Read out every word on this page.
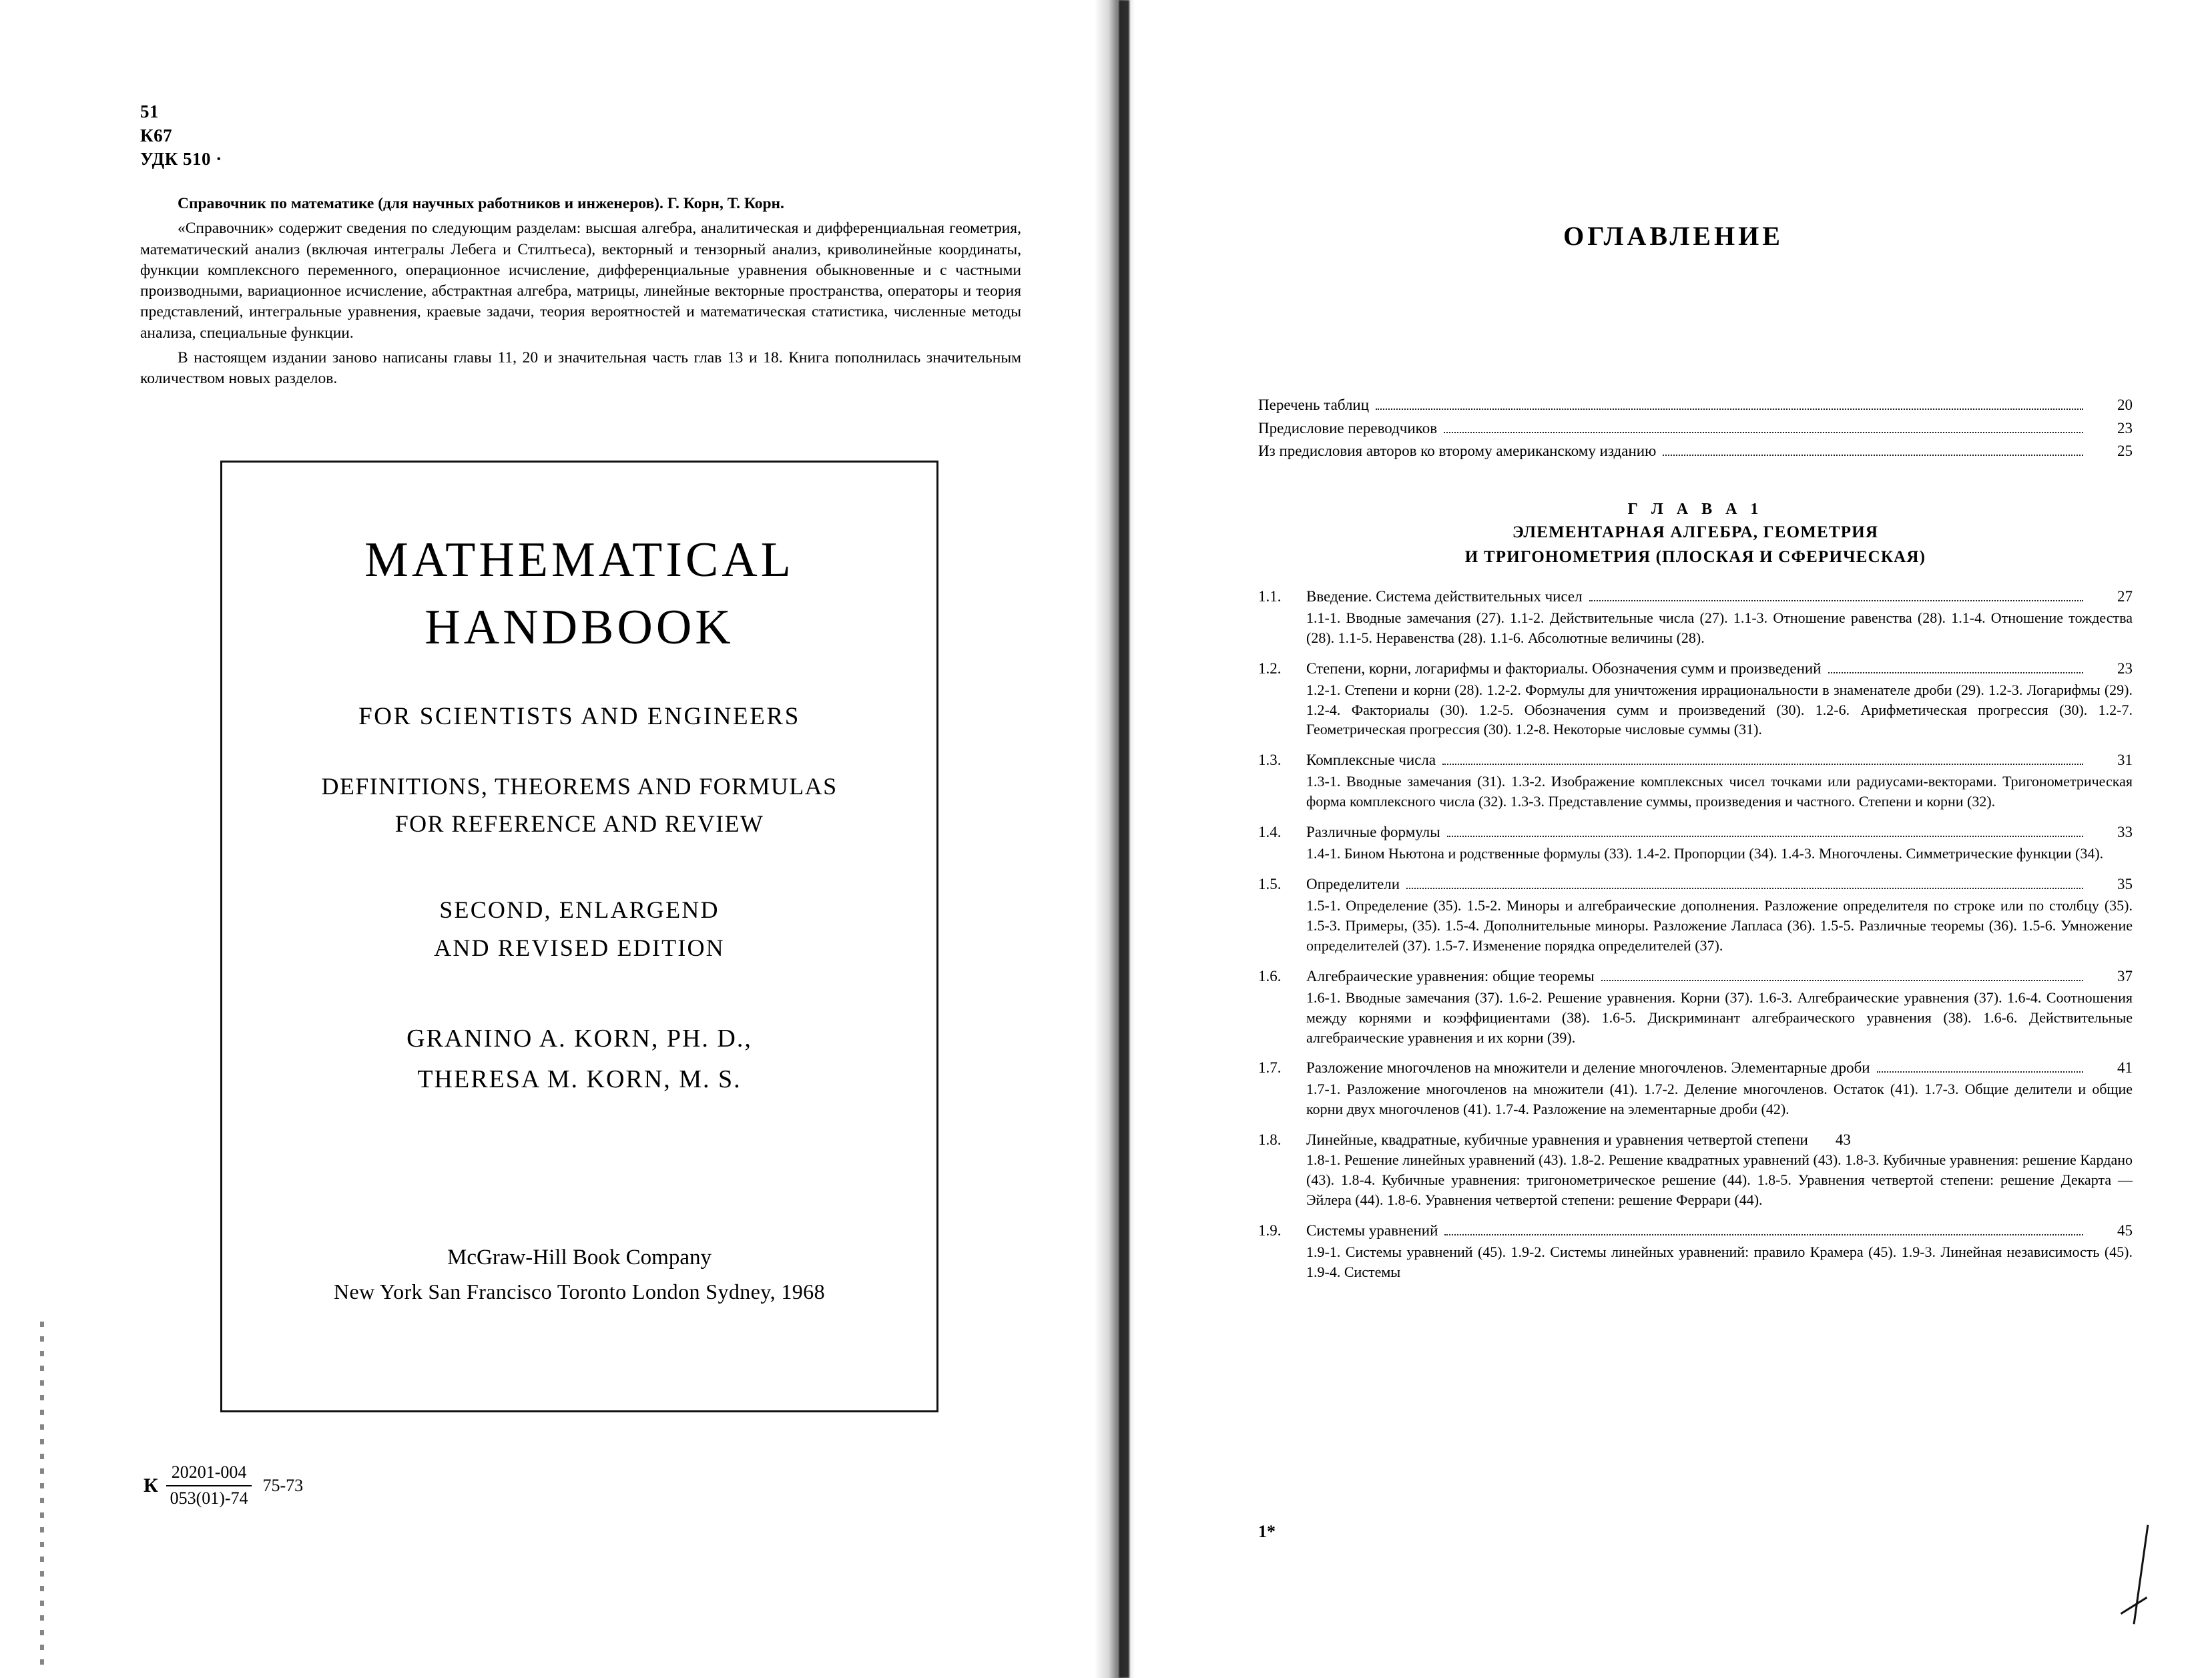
51
К67
УДК 510 ·

Справочник по математике (для научных работников и инженеров). Г. Корн, Т. Корн.

«Справочник» содержит сведения по следующим разделам: высшая алгебра, аналитическая и дифференциальная геометрия, математический анализ (включая интегралы Лебега и Стилтьеса), векторный и тензорный анализ, криволинейные координаты, функции комплексного переменного, операционное исчисление, дифференциальные уравнения обыкновенные и с частными производными, вариационное исчисление, абстрактная алгебра, матрицы, линейные векторные пространства, операторы и теория представлений, интегральные уравнения, краевые задачи, теория вероятностей и математическая статистика, численные методы анализа, специальные функции.

В настоящем издании заново написаны главы 11, 20 и значительная часть глав 13 и 18. Книга пополнилась значительным количеством новых разделов.

MATHEMATICAL
HANDBOOK
FOR SCIENTISTS AND ENGINEERS
DEFINITIONS, THEOREMS AND FORMULAS
FOR REFERENCE AND REVIEW
SECOND, ENLARGEND
AND REVISED EDITION
GRANINO A. KORN, PH. D.,
THERESA M. KORN, M. S.
McGraw-Hill Book Company
New York San Francisco Toronto London Sydney, 1968
К $\frac{20201-004}{053(01)-74} 75-73$
ОГЛАВЛЕНИЕ
Перечень таблиц	20
Предисловие переводчиков	23
Из предисловия авторов ко второму американскому изданию	25
Г Л А В А 1
ЭЛЕМЕНТАРНАЯ АЛГЕБРА, ГЕОМЕТРИЯ
И ТРИГОНОМЕТРИЯ (ПЛОСКАЯ И СФЕРИЧЕСКАЯ)
1.1.	Введение. Система действительных чисел	27
1.1-1. Вводные замечания (27). 1.1-2. Действительные числа (27). 1.1-3. Отношение равенства (28). 1.1-4. Отношение тождества (28). 1.1-5. Неравенства (28). 1.1-6. Абсолютные величины (28).
1.2.	Степени, корни, логарифмы и факториалы. Обозначения сумм и произведений	23
1.2-1. Степени и корни (28). 1.2-2. Формулы для уничтожения иррациональности в знаменателе дроби (29). 1.2-3. Логарифмы (29). 1.2-4. Факториалы (30). 1.2-5. Обозначения сумм и произведений (30). 1.2-6. Арифметическая прогрессия (30). 1.2-7. Геометрическая прогрессия (30). 1.2-8. Некоторые числовые суммы (31).
1.3.	Комплексные числа	31
1.3-1. Вводные замечания (31). 1.3-2. Изображение комплексных чисел точками или радиусами-векторами. Тригонометрическая форма комплексного числа (32). 1.3-3. Представление суммы, произведения и частного. Степени и корни (32).
1.4.	Различные формулы	33
1.4-1. Бином Ньютона и родственные формулы (33). 1.4-2. Пропорции (34). 1.4-3. Многочлены. Симметрические функции (34).
1.5.	Определители	35
1.5-1. Определение (35). 1.5-2. Миноры и алгебраические дополнения. Разложение определителя по строке или по столбцу (35). 1.5-3. Примеры, (35). 1.5-4. Дополнительные миноры. Разложение Лапласа (36). 1.5-5. Различные теоремы (36). 1.5-6. Умножение определителей (37). 1.5-7. Изменение порядка определителей (37).
1.6.	Алгебраические уравнения: общие теоремы	37
1.6-1. Вводные замечания (37). 1.6-2. Решение уравнения. Корни (37). 1.6-3. Алгебраические уравнения (37). 1.6-4. Соотношения между корнями и коэффициентами (38). 1.6-5. Дискриминант алгебраического уравнения (38). 1.6-6. Действительные алгебраические уравнения и их корни (39).
1.7.	Разложение многочленов на множители и деление многочленов. Элементарные дроби	41
1.7-1. Разложение многочленов на множители (41). 1.7-2. Деление многочленов. Остаток (41). 1.7-3. Общие делители и общие корни двух многочленов (41). 1.7-4. Разложение на элементарные дроби (42).
1.8.	Линейные, квадратные, кубичные уравнения и уравнения четвертой степени	43
1.8-1. Решение линейных уравнений (43). 1.8-2. Решение квадратных уравнений (43). 1.8-3. Кубичные уравнения: решение Кардано (43). 1.8-4. Кубичные уравнения: тригонометрическое решение (44). 1.8-5. Уравнения четвертой степени: решение Декарта — Эйлера (44). 1.8-6. Уравнения четвертой степени: решение Феррари (44).
1.9.	Системы уравнений	45
1.9-1. Системы уравнений (45). 1.9-2. Системы линейных уравнений: правило Крамера (45). 1.9-3. Линейная независимость (45). 1.9-4. Системы
1*
